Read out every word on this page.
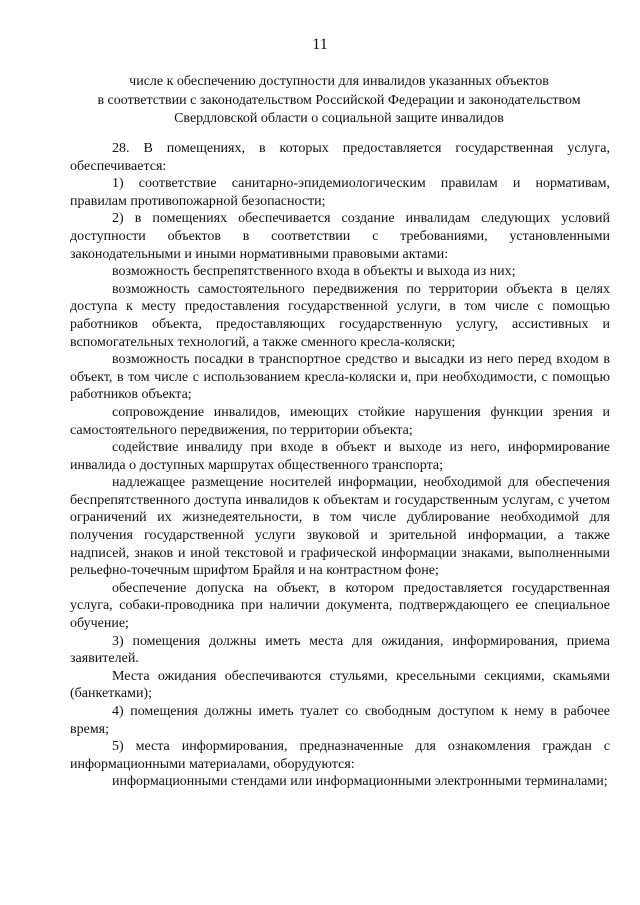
11
числе к обеспечению доступности для инвалидов указанных объектов
в соответствии с законодательством Российской Федерации и законодательством
Свердловской области о социальной защите инвалидов

28. В помещениях, в которых предоставляется государственная услуга, обеспечивается:

1) соответствие санитарно-эпидемиологическим правилам и нормативам, правилам противопожарной безопасности;

2) в помещениях обеспечивается создание инвалидам следующих условий доступности объектов в соответствии с требованиями, установленными законодательными и иными нормативными правовыми актами:

возможность беспрепятственного входа в объекты и выхода из них;

возможность самостоятельного передвижения по территории объекта в целях доступа к месту предоставления государственной услуги, в том числе с помощью работников объекта, предоставляющих государственную услугу, ассистивных и вспомогательных технологий, а также сменного кресла-коляски;

возможность посадки в транспортное средство и высадки из него перед входом в объект, в том числе с использованием кресла-коляски и, при необходимости, с помощью работников объекта;

сопровождение инвалидов, имеющих стойкие нарушения функции зрения и самостоятельного передвижения, по территории объекта;

содействие инвалиду при входе в объект и выходе из него, информирование инвалида о доступных маршрутах общественного транспорта;

надлежащее размещение носителей информации, необходимой для обеспечения беспрепятственного доступа инвалидов к объектам и государственным услугам, с учетом ограничений их жизнедеятельности, в том числе дублирование необходимой для получения государственной услуги звуковой и зрительной информации, а также надписей, знаков и иной текстовой и графической информации знаками, выполненными рельефно-точечным шрифтом Брайля и на контрастном фоне;

обеспечение допуска на объект, в котором предоставляется государственная услуга, собаки-проводника при наличии документа, подтверждающего ее специальное обучение;

3) помещения должны иметь места для ожидания, информирования, приема заявителей.

Места ожидания обеспечиваются стульями, кресельными секциями, скамьями (банкетками);

4) помещения должны иметь туалет со свободным доступом к нему в рабочее время;

5) места информирования, предназначенные для ознакомления граждан с информационными материалами, оборудуются:

информационными стендами или информационными электронными терминалами;
